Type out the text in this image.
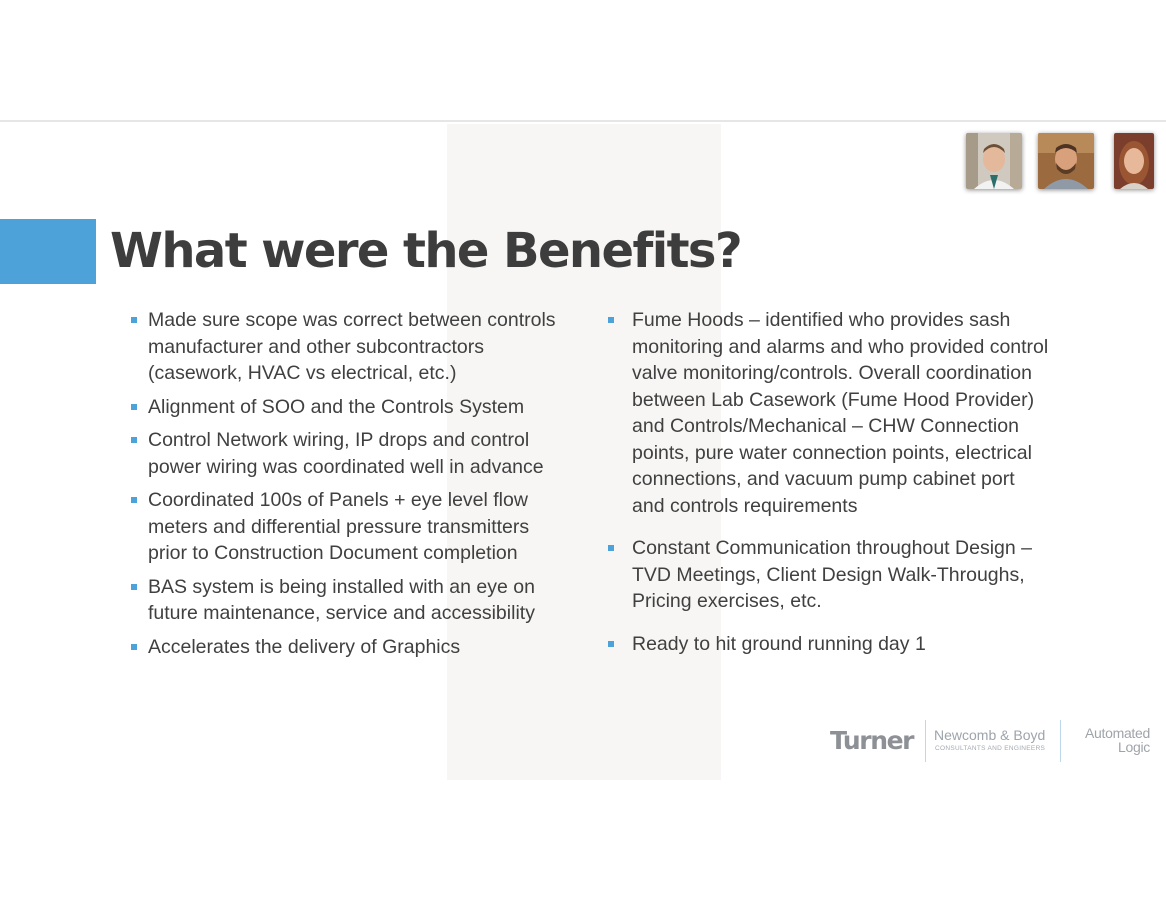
What were the Benefits?
Made sure scope was correct between controls manufacturer and other subcontractors (casework, HVAC vs electrical, etc.)
Alignment of SOO and the Controls System
Control Network wiring, IP drops and control power wiring was coordinated well in advance
Coordinated 100s of Panels + eye level flow meters and differential pressure transmitters prior to Construction Document completion
BAS system is being installed with an eye on future maintenance, service and accessibility
Accelerates the delivery of Graphics
Fume Hoods – identified who provides sash monitoring and alarms and who provided control valve monitoring/controls. Overall coordination between Lab Casework (Fume Hood Provider) and Controls/Mechanical – CHW Connection points, pure water connection points, electrical connections, and vacuum pump cabinet port and controls requirements
Constant Communication throughout Design – TVD Meetings, Client Design Walk-Throughs, Pricing exercises, etc.
Ready to hit ground running day 1
Turner Newcomb & Boyd
CONSULTANTS AND ENGINEERS
Automated
Logic
